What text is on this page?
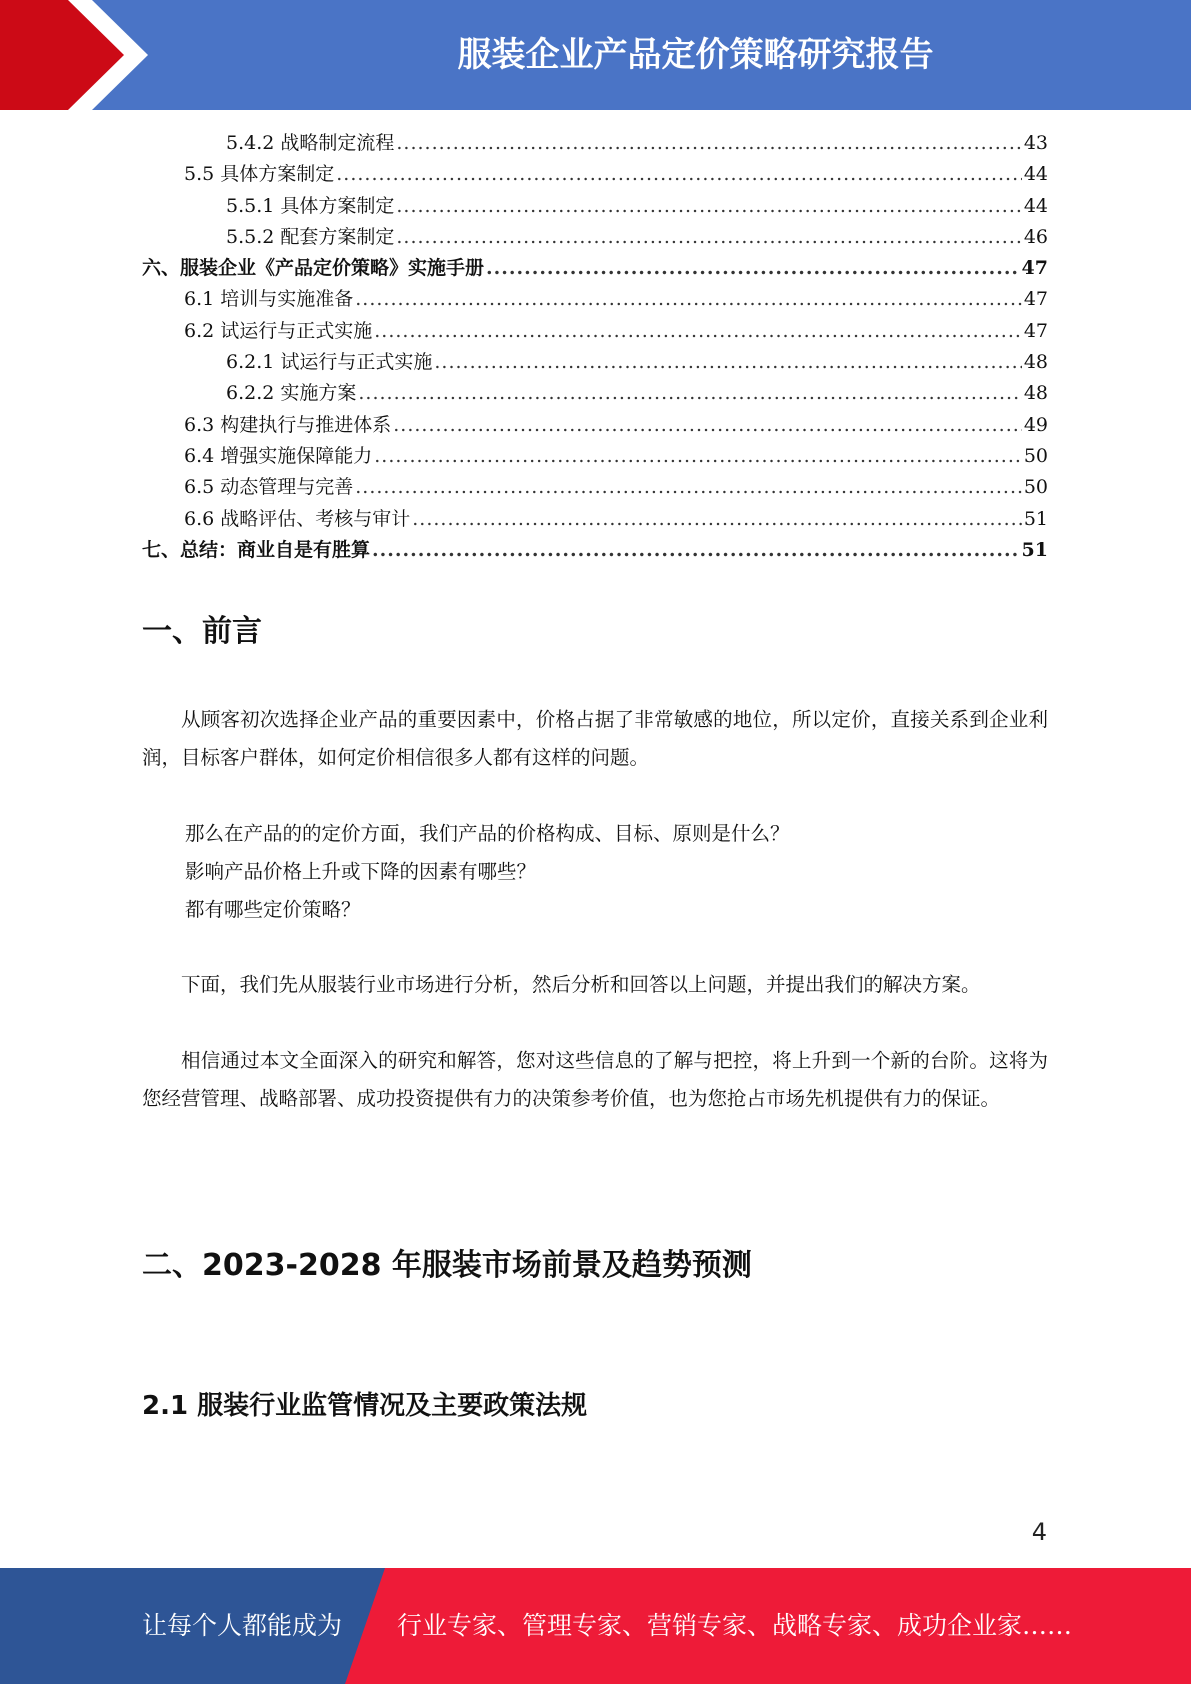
服装企业产品定价策略研究报告
5.4.2 战略制定流程 .....	43
5.5 具体方案制定 .....	44
5.5.1 具体方案制定 .....	44
5.5.2 配套方案制定 .....	46
六、服装企业《产品定价策略》实施手册 .....	47
6.1 培训与实施准备 .....	47
6.2 试运行与正式实施 .....	47
6.2.1 试运行与正式实施 .....	48
6.2.2 实施方案 .....	48
6.3 构建执行与推进体系 .....	49
6.4 增强实施保障能力 .....	50
6.5 动态管理与完善 .....	50
6.6 战略评估、考核与审计 .....	51
七、总结：商业自是有胜算 .....	51
一、前言

从顾客初次选择企业产品的重要因素中，价格占据了非常敏感的地位，所以定价，直接关系到企业利润，目标客户群体，如何定价相信很多人都有这样的问题。

那么在产品的的定价方面，我们产品的价格构成、目标、原则是什么？

影响产品价格上升或下降的因素有哪些？

都有哪些定价策略？

下面，我们先从服装行业市场进行分析，然后分析和回答以上问题，并提出我们的解决方案。

相信通过本文全面深入的研究和解答，您对这些信息的了解与把控，将上升到一个新的台阶。这将为您经营管理、战略部署、成功投资提供有力的决策参考价值，也为您抢占市场先机提供有力的保证。

二、2023-2028 年服装市场前景及趋势预测
2.1 服装行业监管情况及主要政策法规
4
让每个人都能成为 行业专家、管理专家、营销专家、战略专家、成功企业家……
